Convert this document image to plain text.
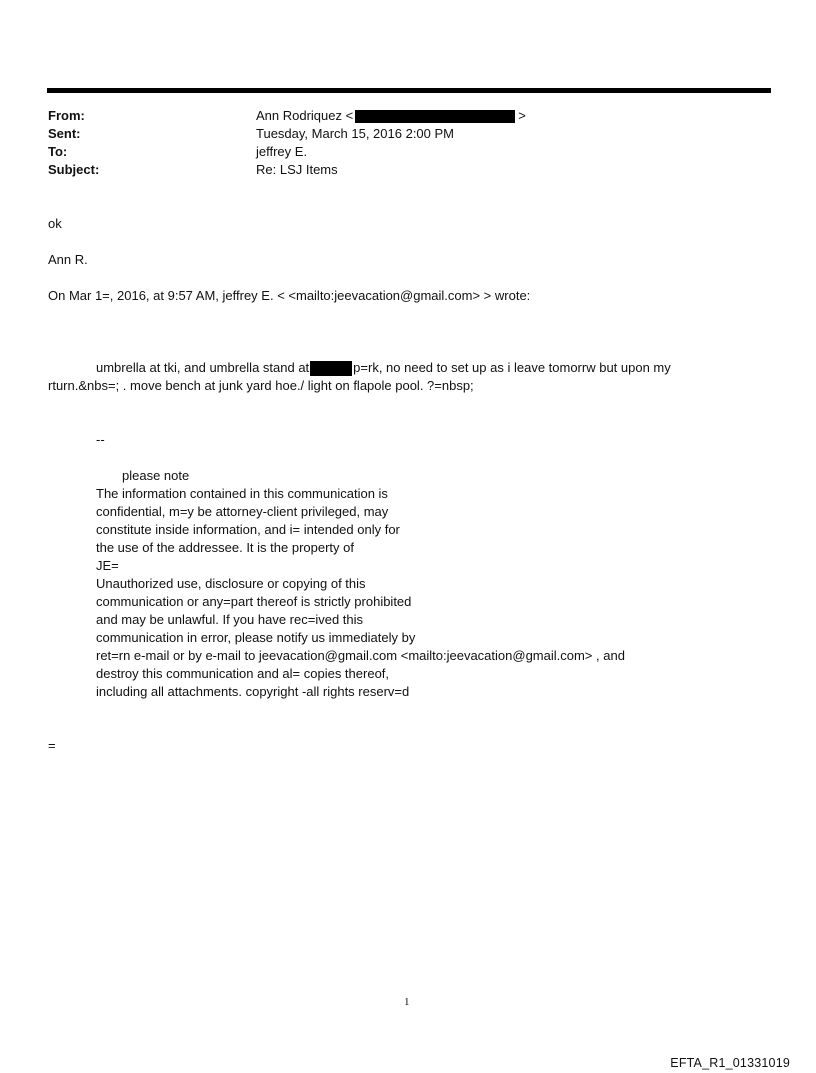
From:	Ann Rodriquez <	>
Sent:	Tuesday, March 15, 2016 2:00 PM
To:	jeffrey E.
Subject:	Re: LSJ Items
ok
Ann R.
On Mar 1=, 2016, at 9:57 AM, jeffrey E. < <mailto:jeevacation@gmail.com> > wrote:
umbrella at tki, and umbrella stand at	p=rk, no need to set up as i leave tomorrw but upon my
rturn.&nbs=; . move bench at junk yard hoe./ light on flapole pool. ?=nbsp;
--
please note
The information contained in this communication is
confidential, m=y be attorney-client privileged, may
constitute inside information, and i= intended only for
the use of the addressee. It is the property of
JE=
Unauthorized use, disclosure or copying of this
communication or any=part thereof is strictly prohibited
and may be unlawful. If you have rec=ived this
communication in error, please notify us immediately by
ret=rn e-mail or by e-mail to jeevacation@gmail.com <mailto:jeevacation@gmail.com> , and
destroy this communication and al= copies thereof,
including all attachments. copyright -all rights reserv=d
=
1
EFTA_R1_01331019
